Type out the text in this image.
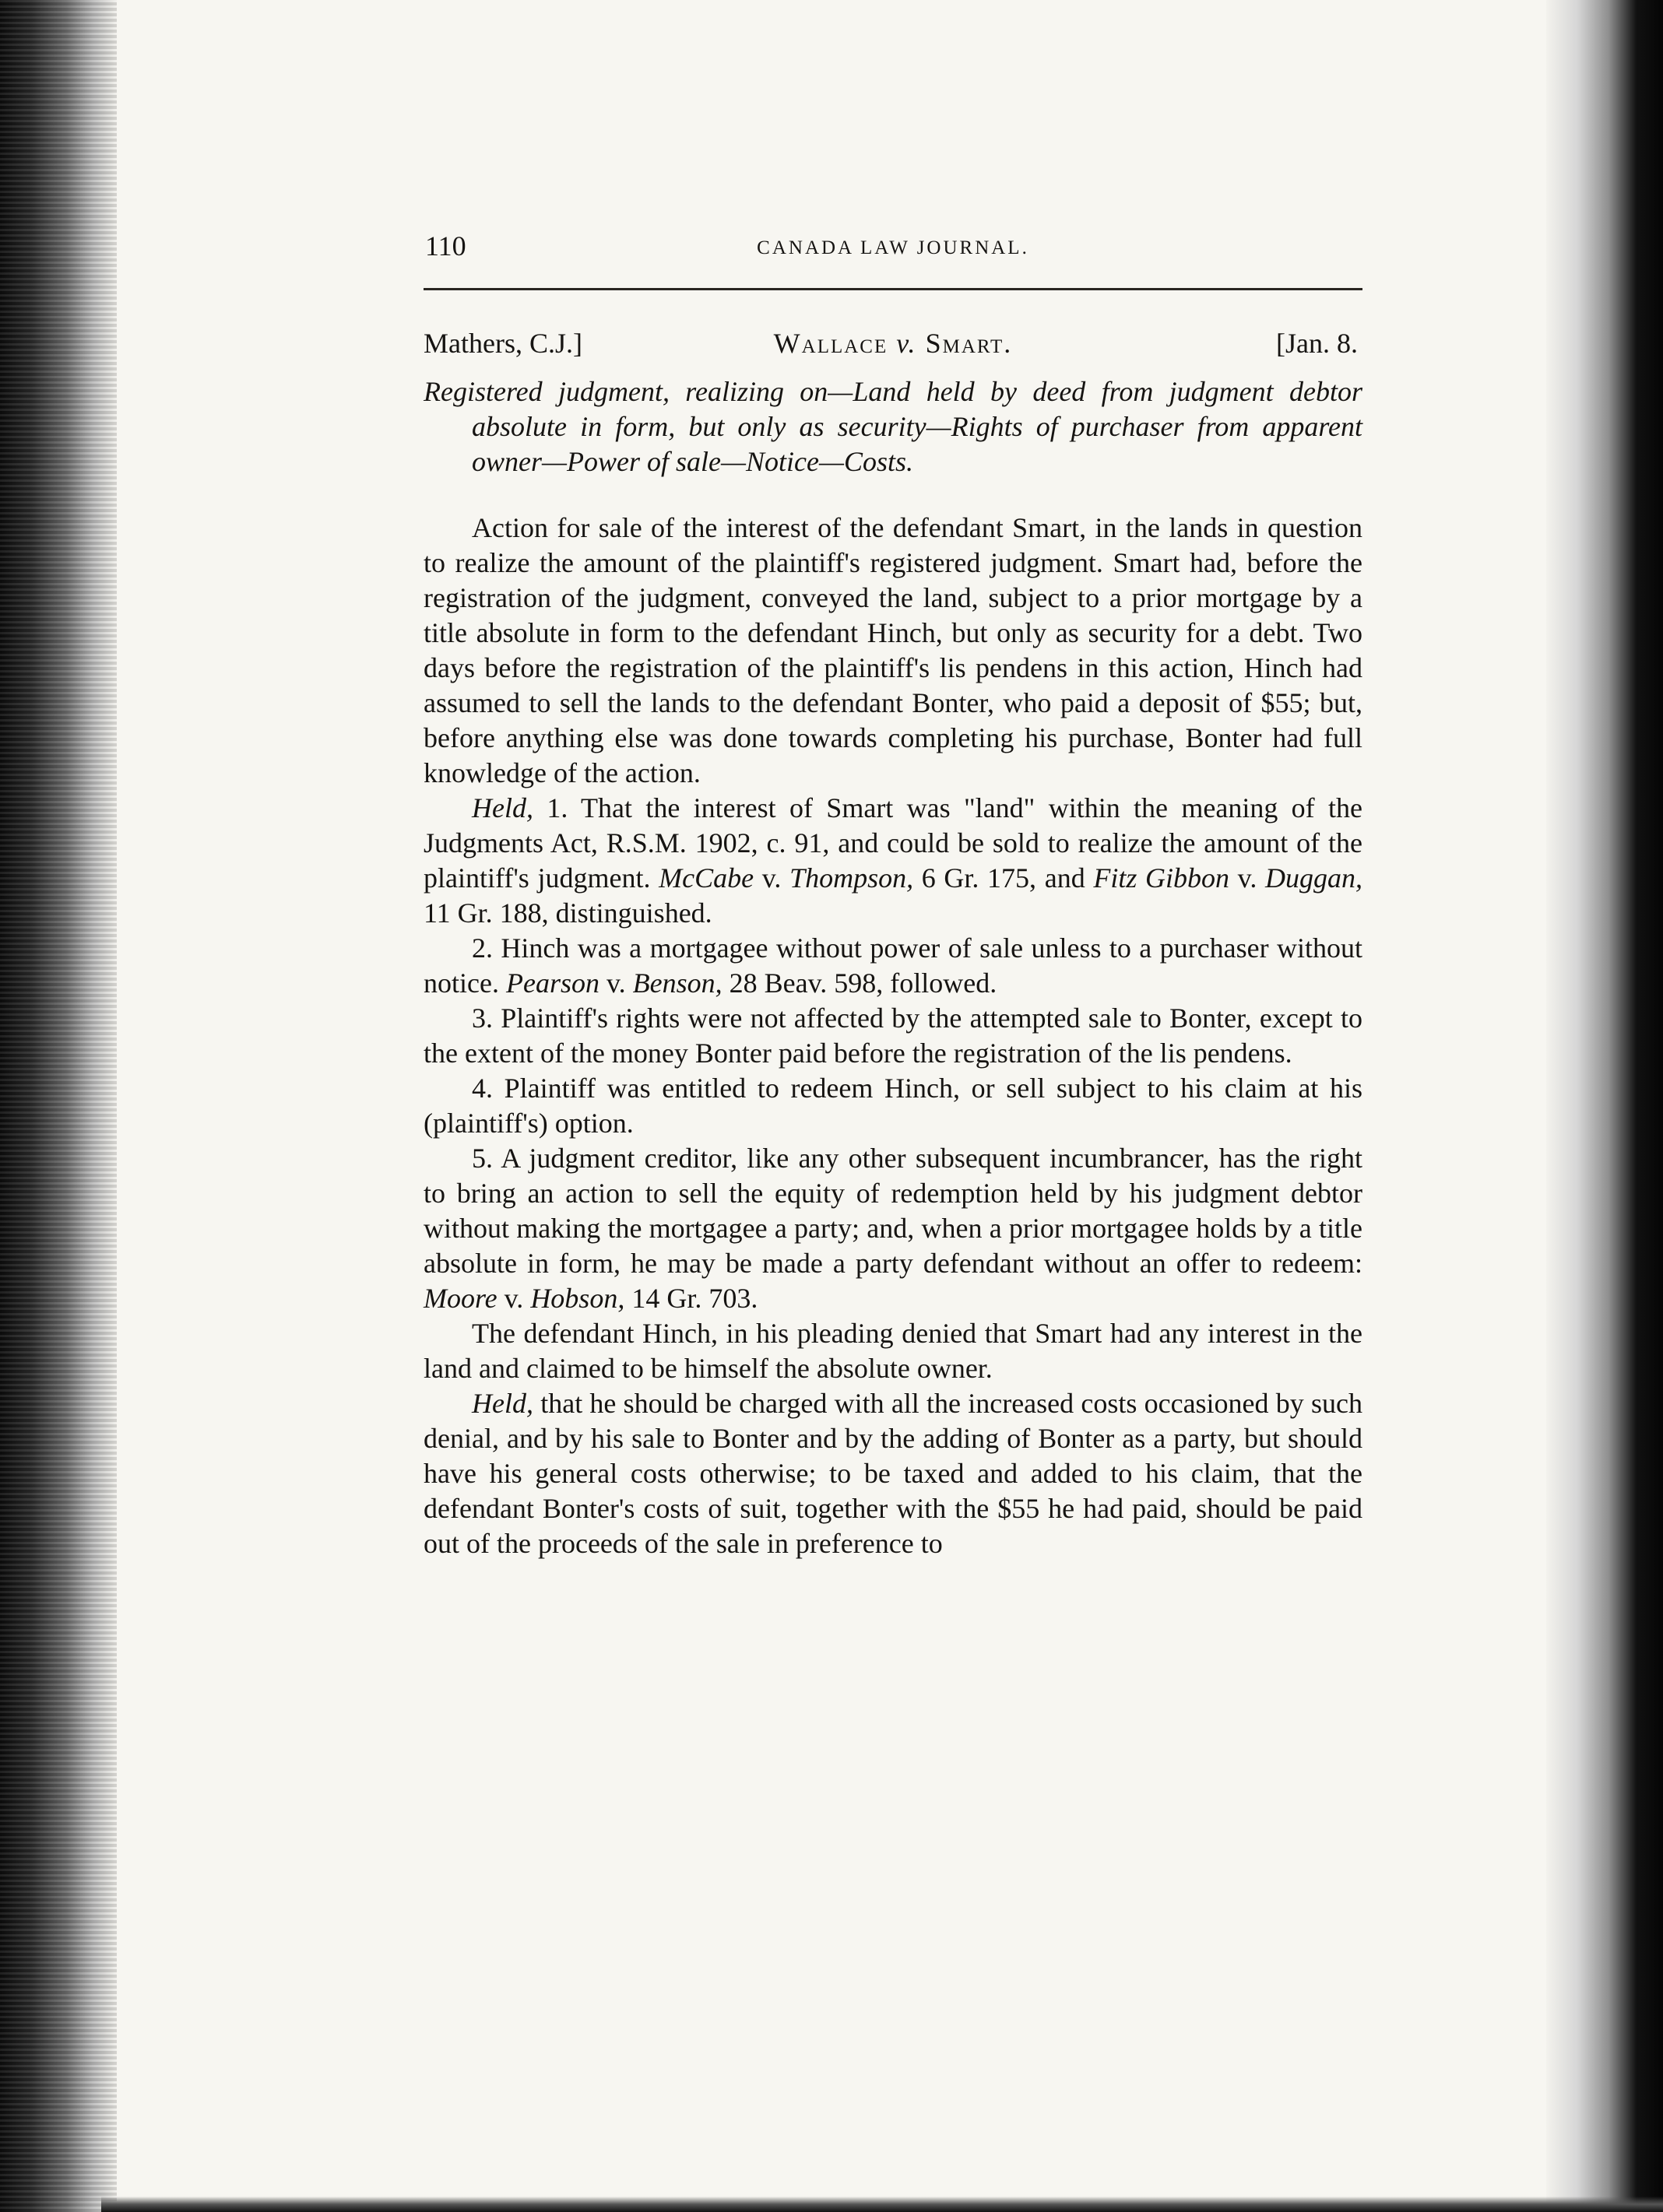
110	CANADA LAW JOURNAL.
Mathers, C.J.]	Wallace v. Smart.	[Jan. 8.

Registered judgment, realizing on—Land held by deed from judgment debtor absolute in form, but only as security—Rights of purchaser from apparent owner—Power of sale—Notice—Costs.

Action for sale of the interest of the defendant Smart, in the lands in question to realize the amount of the plaintiff's registered judgment. Smart had, before the registration of the judgment, conveyed the land, subject to a prior mortgage by a title absolute in form to the defendant Hinch, but only as security for a debt. Two days before the registration of the plaintiff's lis pendens in this action, Hinch had assumed to sell the lands to the defendant Bonter, who paid a deposit of $55; but, before anything else was done towards completing his purchase, Bonter had full knowledge of the action.

Held, 1. That the interest of Smart was "land" within the meaning of the Judgments Act, R.S.M. 1902, c. 91, and could be sold to realize the amount of the plaintiff's judgment. McCabe v. Thompson, 6 Gr. 175, and Fitz Gibbon v. Duggan, 11 Gr. 188, distinguished.

2. Hinch was a mortgagee without power of sale unless to a purchaser without notice. Pearson v. Benson, 28 Beav. 598, followed.

3. Plaintiff's rights were not affected by the attempted sale to Bonter, except to the extent of the money Bonter paid before the registration of the lis pendens.

4. Plaintiff was entitled to redeem Hinch, or sell subject to his claim at his (plaintiff's) option.

5. A judgment creditor, like any other subsequent incumbrancer, has the right to bring an action to sell the equity of redemption held by his judgment debtor without making the mortgagee a party; and, when a prior mortgagee holds by a title absolute in form, he may be made a party defendant without an offer to redeem: Moore v. Hobson, 14 Gr. 703.

The defendant Hinch, in his pleading denied that Smart had any interest in the land and claimed to be himself the absolute owner.

Held, that he should be charged with all the increased costs occasioned by such denial, and by his sale to Bonter and by the adding of Bonter as a party, but should have his general costs otherwise; to be taxed and added to his claim, that the defendant Bonter's costs of suit, together with the $55 he had paid, should be paid out of the proceeds of the sale in preference to
